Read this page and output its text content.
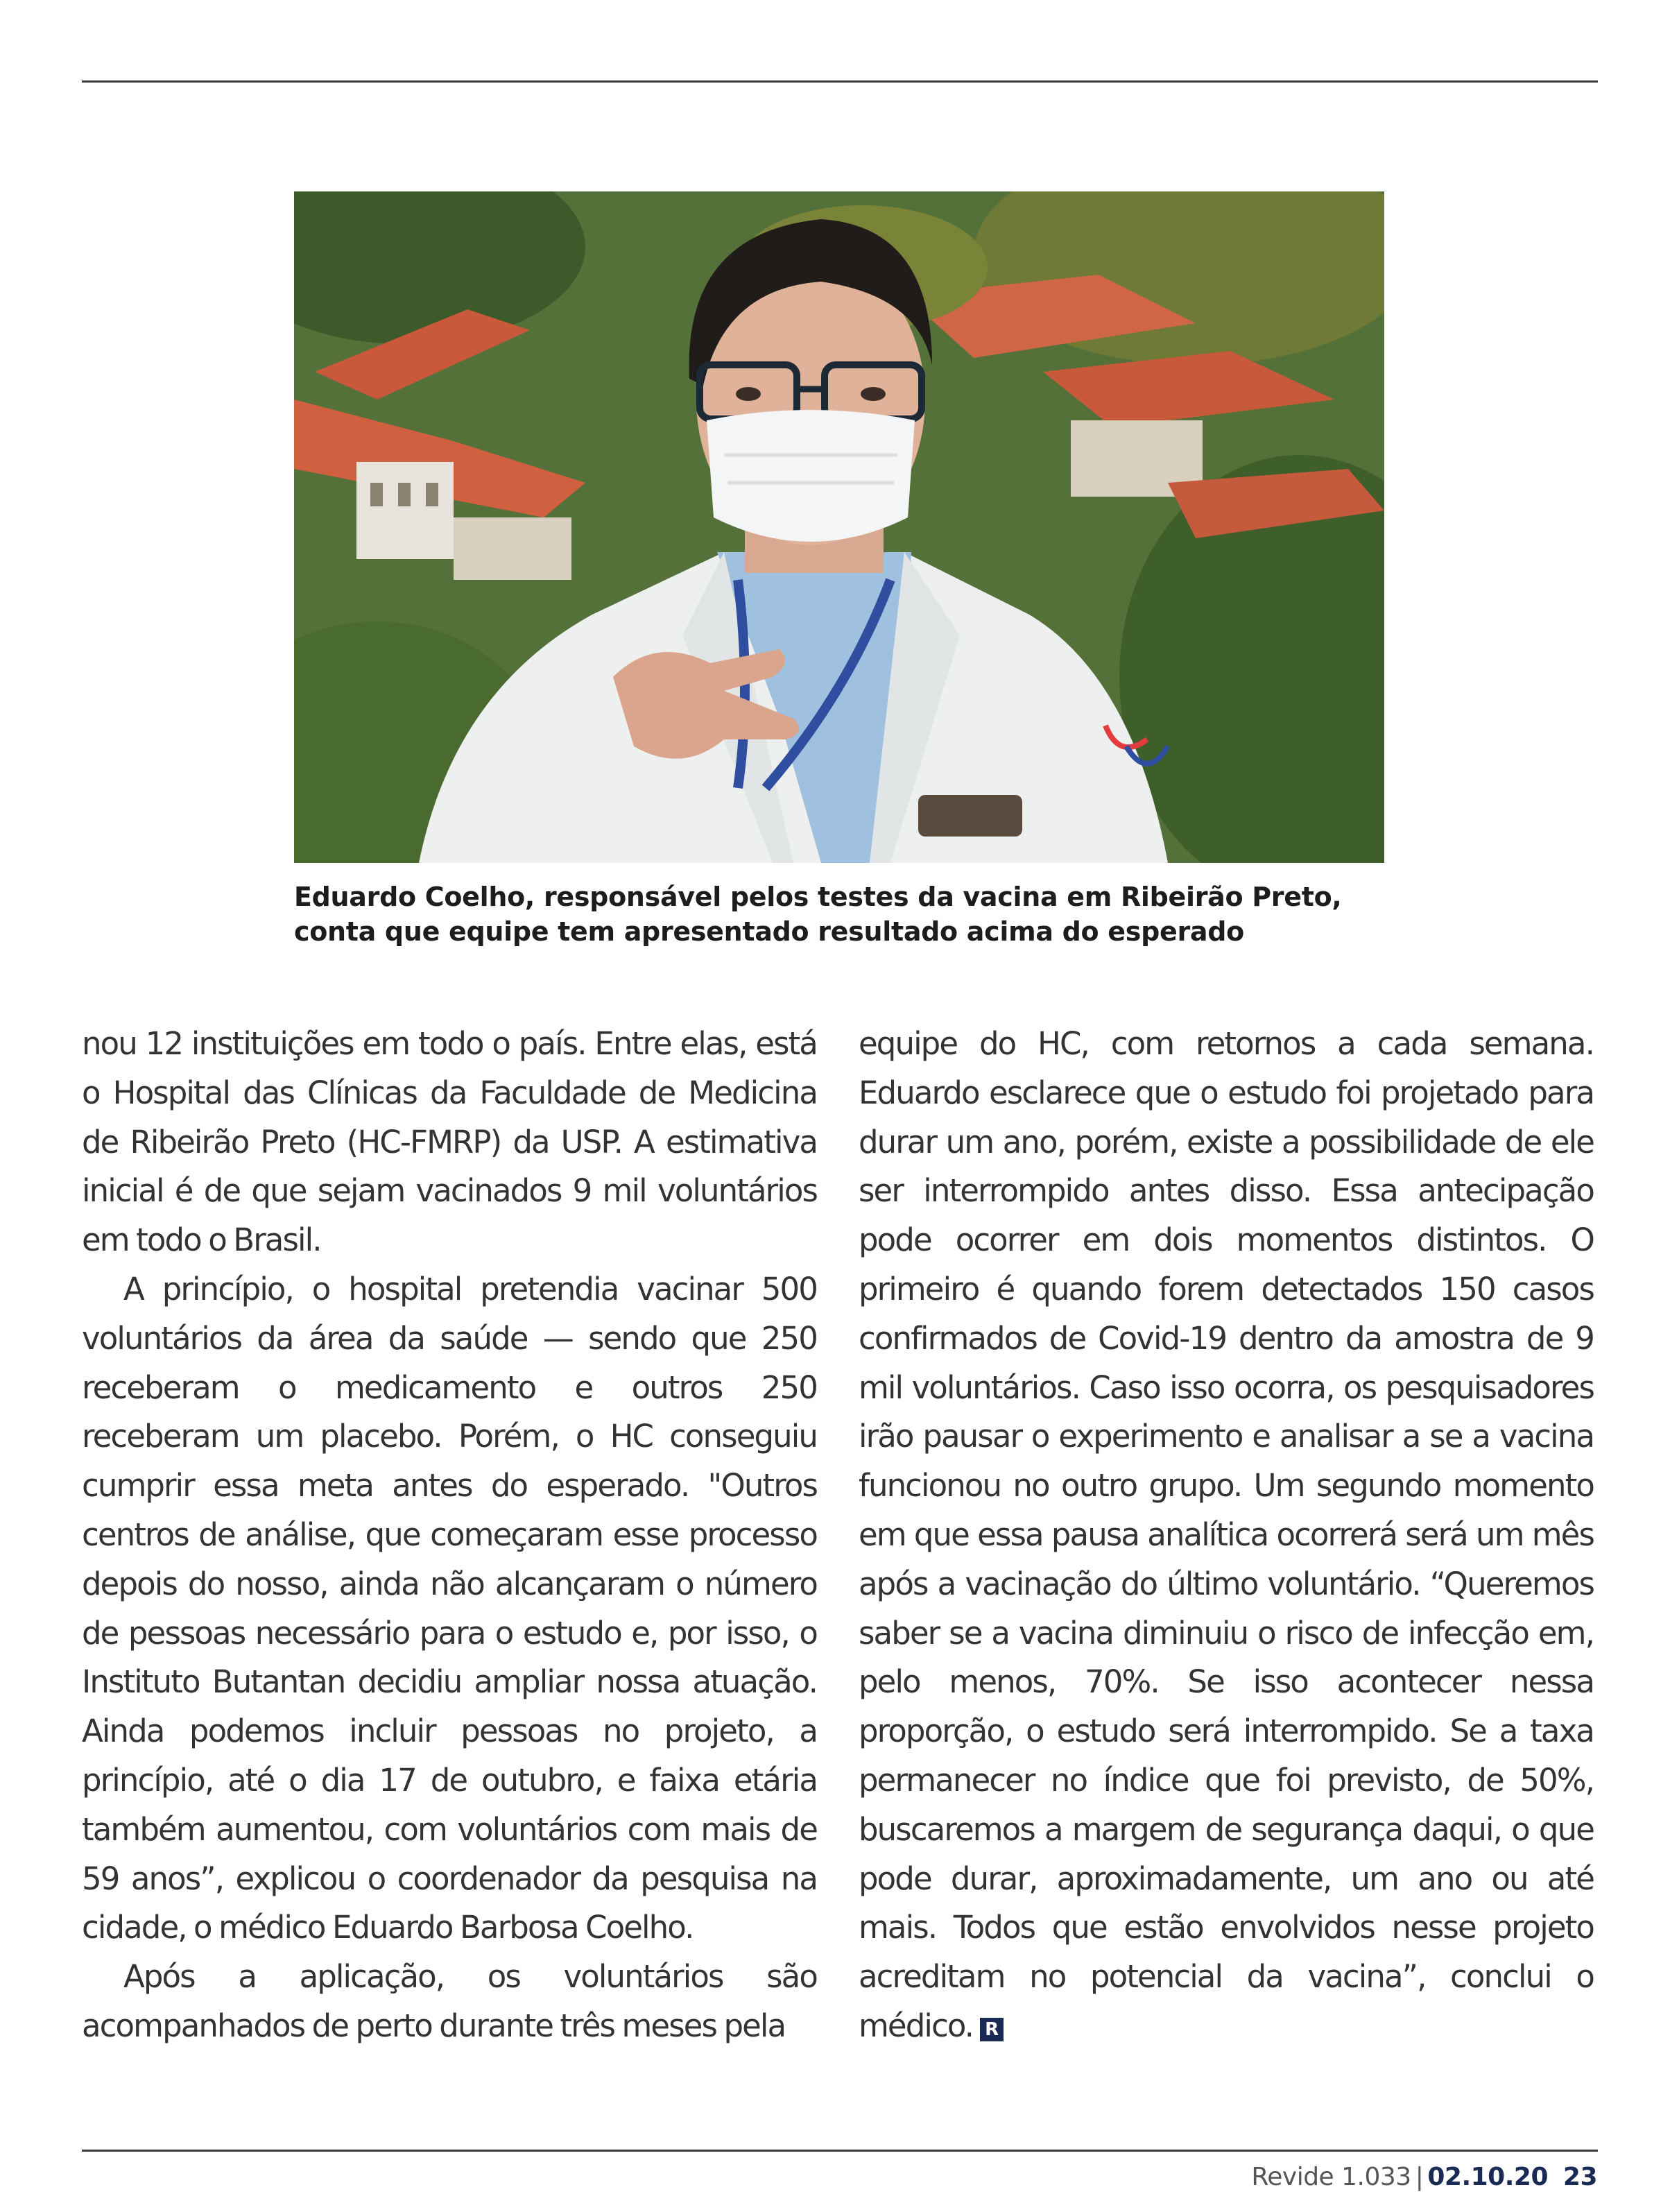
Eduardo Coelho, responsável pelos testes da vacina em Ribeirão Preto,
conta que equipe tem apresentado resultado acima do esperado

nou 12 instituições em todo o país. Entre elas, está o Hospital das Clínicas da Faculdade de Medicina de Ribeirão Preto (HC-FMRP) da USP. A estimativa inicial é de que sejam vacinados 9 mil voluntários em todo o Brasil.

A princípio, o hospital pretendia vacinar 500 voluntários da área da saúde — sendo que 250 receberam o medicamento e outros 250 receberam um placebo. Porém, o HC conseguiu cumprir essa meta antes do esperado. "Outros centros de análise, que começaram esse processo depois do nosso, ainda não alcançaram o número de pessoas necessário para o estudo e, por isso, o Instituto Butantan decidiu ampliar nossa atuação. Ainda podemos incluir pessoas no projeto, a princípio, até o dia 17 de outubro, e faixa etária também aumentou, com voluntários com mais de 59 anos”, explicou o coordenador da pesquisa na cidade, o médico Eduardo Barbosa Coelho.

Após a aplicação, os voluntários são acompanhados de perto durante três meses pela

equipe do HC, com retornos a cada semana. Eduardo esclarece que o estudo foi projetado para durar um ano, porém, existe a possibilidade de ele ser interrompido antes disso. Essa antecipação pode ocorrer em dois momentos distintos. O primeiro é quando forem detectados 150 casos confirmados de Covid-19 dentro da amostra de 9 mil voluntários. Caso isso ocorra, os pesquisadores irão pausar o experimento e analisar a se a vacina funcionou no outro grupo. Um segundo momento em que essa pausa analítica ocorrerá será um mês após a vacinação do último voluntário. “Queremos saber se a vacina diminuiu o risco de infecção em, pelo menos, 70%. Se isso acontecer nessa proporção, o estudo será interrompido. Se a taxa permanecer no índice que foi previsto, de 50%, buscaremos a margem de segurança daqui, o que pode durar, aproximadamente, um ano ou até mais. Todos que estão envolvidos nesse projeto acreditam no potencial da vacina”, conclui o médico. R

Revide 1.033 | 02.10.20 23
